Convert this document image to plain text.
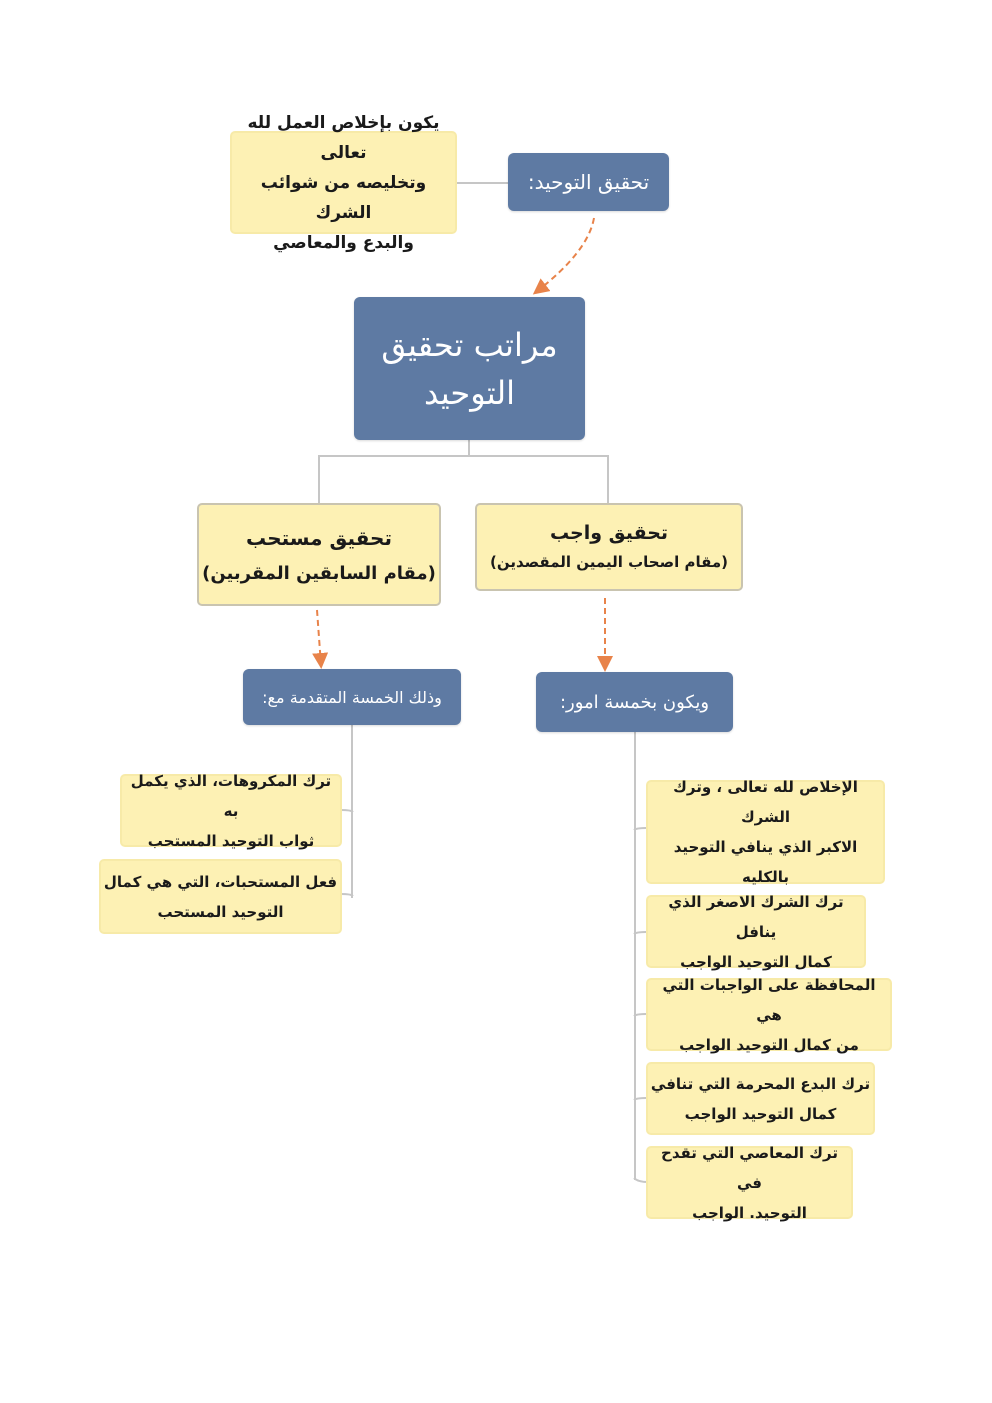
تحقيق التوحيد:
يكون بإخلاص العمل لله تعالى
وتخليصه من شوائب الشرك
والبدع والمعاصي
مراتب تحقيق
التوحيد
تحقيق واجب
(مقام اصحاب اليمين المقصدين)
تحقيق مستحب
(مقام السابقين المقربين)
ويكون بخمسة امور:
وذلك الخمسة المتقدمة مع:
الإخلاص لله تعالى ، وترك الشرك
الاكبر الذي ينافي التوحيد
بالكليه
ترك الشرك الاصغر الذي ينافل
كمال التوحيد الواجب
المحافظة على الواجبات التي هي
من كمال التوحيد الواجب
ترك البدع المحرمة التي تنافي
كمال التوحيد الواجب
ترك المعاصي التي تقدح في
التوحيد. الواجب
ترك المكروهات، الذي يكمل به
ثواب التوحيد المستحب
فعل المستحبات، التي هي كمال
التوحيد المستحب
